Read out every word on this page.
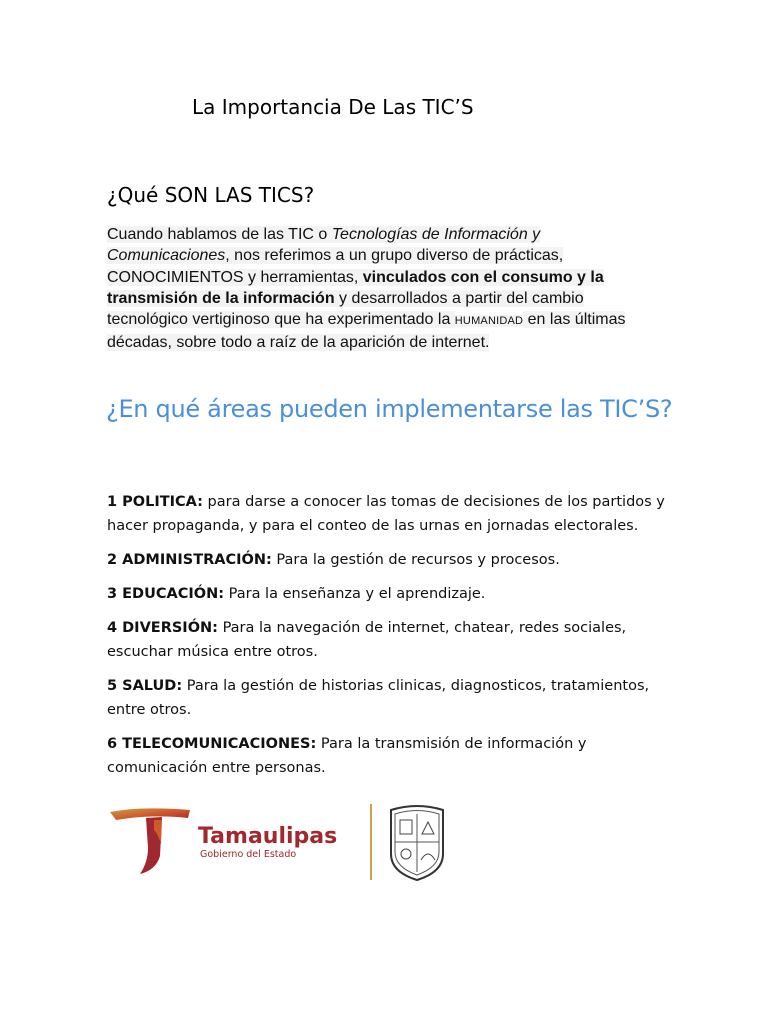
La Importancia De Las TIC’S
¿Qué SON LAS TICS?

Cuando hablamos de las TIC o Tecnologías de Información y Comunicaciones, nos referimos a un grupo diverso de prácticas, CONOCIMIENTOS y herramientas, vinculados con el consumo y la transmisión de la información y desarrollados a partir del cambio tecnológico vertiginoso que ha experimentado la HUMANIDAD en las últimas décadas, sobre todo a raíz de la aparición de internet.

¿En qué áreas pueden implementarse las TIC’S?
1 POLITICA: para darse a conocer las tomas de decisiones de los partidos y hacer propaganda, y para el conteo de las urnas en jornadas electorales.
2 ADMINISTRACIÓN: Para la gestión de recursos y procesos.
3 EDUCACIÓN: Para la enseñanza y el aprendizaje.
4 DIVERSIÓN: Para la navegación de internet, chatear, redes sociales, escuchar música entre otros.
5 SALUD: Para la gestión de historias clinicas, diagnosticos, tratamientos, entre otros.
6 TELECOMUNICACIONES: Para la transmisión de información y comunicación entre personas.
Tamaulipas
Gobierno del Estado
